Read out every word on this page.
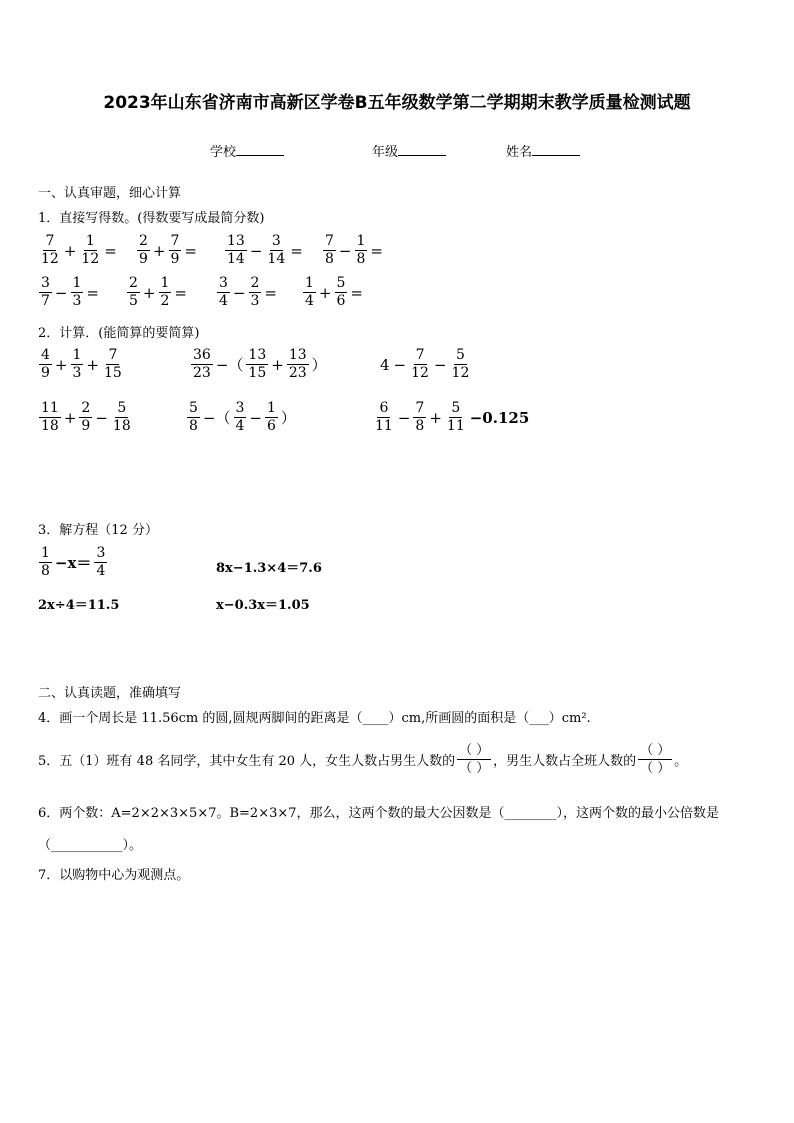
2023年山东省济南市高新区学卷B五年级数学第二学期期末教学质量检测试题
学校	年级	姓名
一、认真审题，细心计算
1．直接写得数。(得数要写成最简分数)
$\frac{7}{12} + \frac{1}{12} = \frac{2}{9} + \frac{7}{9} = \frac{13}{14} - \frac{3}{14} = \frac{7}{8} - \frac{1}{8}$ =
$\frac{3}{7} - \frac{1}{3} = \frac{2}{5} + \frac{1}{2} = \frac{3}{4} - \frac{2}{3} = \frac{1}{4} + \frac{5}{6}$ =
2．计算．(能简算的要简算)
$\frac{4}{9} + \frac{1}{3} + \frac{7}{15}$	$\frac{36}{23}$ −（ $\frac{13}{15} + \frac{13}{23}$ ）	$4 - \frac{7}{12} - \frac{5}{12}$
$\frac{11}{18} + \frac{2}{9} - \frac{5}{18}$	$\frac{5}{8}$ −（ $\frac{3}{4} - \frac{1}{6}$ ）	$\frac{6}{11} - \frac{7}{8} + \frac{5}{11} -0.125$
3．解方程（12 分）
$\frac{1}{8} -x= \frac{3}{4}$	8x−1.3×4＝7.6
2x÷4＝11.5	x−0.3x＝1.05
二、认真读题，准确填写
4．画一个周长是 11.56cm 的圆,圆规两脚间的距离是（____）cm,所画圆的面积是（___）cm².
5．五（1）班有 48 名同学，其中女生有 20 人，女生人数占男生人数的
（ ）
（ ） ，男生人数占全班人数的
（ ）
（ ） 。
6．两个数：A=2×2×3×5×7。B=2×3×7，那么，这两个数的最大公因数是（________），这两个数的最小公倍数是
（___________）。
7．以购物中心为观测点。
